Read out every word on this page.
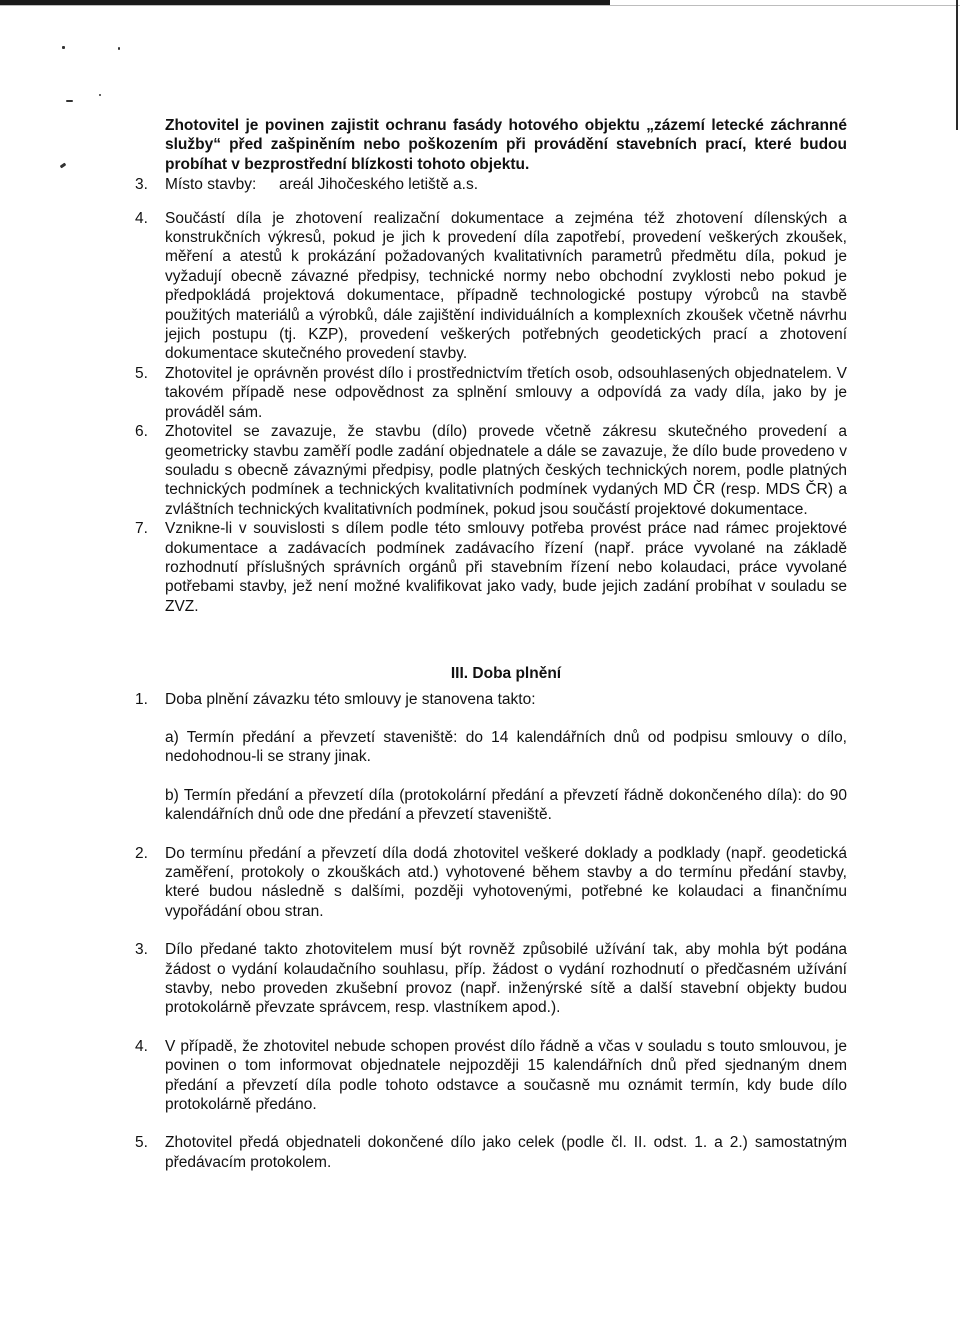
Zhotovitel je povinen zajistit ochranu fasády hotového objektu „zázemí letecké záchranné služby“ před zašpiněním nebo poškozením při provádění stavebních prací, které budou probíhat v bezprostřední blízkosti tohoto objektu.
3.	Místo stavby: areál Jihočeského letiště a.s.
4.	Součástí díla je zhotovení realizační dokumentace a zejména též zhotovení dílenských a konstrukčních výkresů, pokud je jich k provedení díla zapotřebí, provedení veškerých zkoušek, měření a atestů k prokázání požadovaných kvalitativních parametrů předmětu díla, pokud je vyžadují obecně závazné předpisy, technické normy nebo obchodní zvyklosti nebo pokud je předpokládá projektová dokumentace, případně technologické postupy výrobců na stavbě použitých materiálů a výrobků, dále zajištění individuálních a komplexních zkoušek včetně návrhu jejich postupu (tj. KZP), provedení veškerých potřebných geodetických prací a zhotovení dokumentace skutečného provedení stavby.
5.	Zhotovitel je oprávněn provést dílo i prostřednictvím třetích osob, odsouhlasených objednatelem. V takovém případě nese odpovědnost za splnění smlouvy a odpovídá za vady díla, jako by je prováděl sám.
6.	Zhotovitel se zavazuje, že stavbu (dílo) provede včetně zákresu skutečného provedení a geometricky stavbu zaměří podle zadání objednatele a dále se zavazuje, že dílo bude provedeno v souladu s obecně závaznými předpisy, podle platných českých technických norem, podle platných technických podmínek a technických kvalitativních podmínek vydaných MD ČR (resp. MDS ČR) a zvláštních technických kvalitativních podmínek, pokud jsou součástí projektové dokumentace.
7.	Vznikne-li v souvislosti s dílem podle této smlouvy potřeba provést práce nad rámec projektové dokumentace a zadávacích podmínek zadávacího řízení (např. práce vyvolané na základě rozhodnutí příslušných správních orgánů při stavebním řízení nebo kolaudaci, práce vyvolané potřebami stavby, jež není možné kvalifikovat jako vady, bude jejich zadání probíhat v souladu se ZVZ.
III. Doba plnění
1.	Doba plnění závazku této smlouvy je stanovena takto:
a) Termín předání a převzetí staveniště: do 14 kalendářních dnů od podpisu smlouvy o dílo, nedohodnou-li se strany jinak.
b) Termín předání a převzetí díla (protokolární předání a převzetí řádně dokončeného díla): do 90 kalendářních dnů ode dne předání a převzetí staveniště.
2.	Do termínu předání a převzetí díla dodá zhotovitel veškeré doklady a podklady (např. geodetická zaměření, protokoly o zkouškách atd.) vyhotovené během stavby a do termínu předání stavby, které budou následně s dalšími, později vyhotovenými, potřebné ke kolaudaci a finančnímu vypořádání obou stran.
3.	Dílo předané takto zhotovitelem musí být rovněž způsobilé užívání tak, aby mohla být podána žádost o vydání kolaudačního souhlasu, příp. žádost o vydání rozhodnutí o předčasném užívání stavby, nebo proveden zkušební provoz (např. inženýrské sítě a další stavební objekty budou protokolárně převzate správcem, resp. vlastníkem apod.).
4.	V případě, že zhotovitel nebude schopen provést dílo řádně a včas v souladu s touto smlouvou, je povinen o tom informovat objednatele nejpozději 15 kalendářních dnů před sjednaným dnem předání a převzetí díla podle tohoto odstavce a současně mu oznámit termín, kdy bude dílo protokolárně předáno.
5.	Zhotovitel předá objednateli dokončené dílo jako celek (podle čl. II. odst. 1. a 2.) samostatným předávacím protokolem.
